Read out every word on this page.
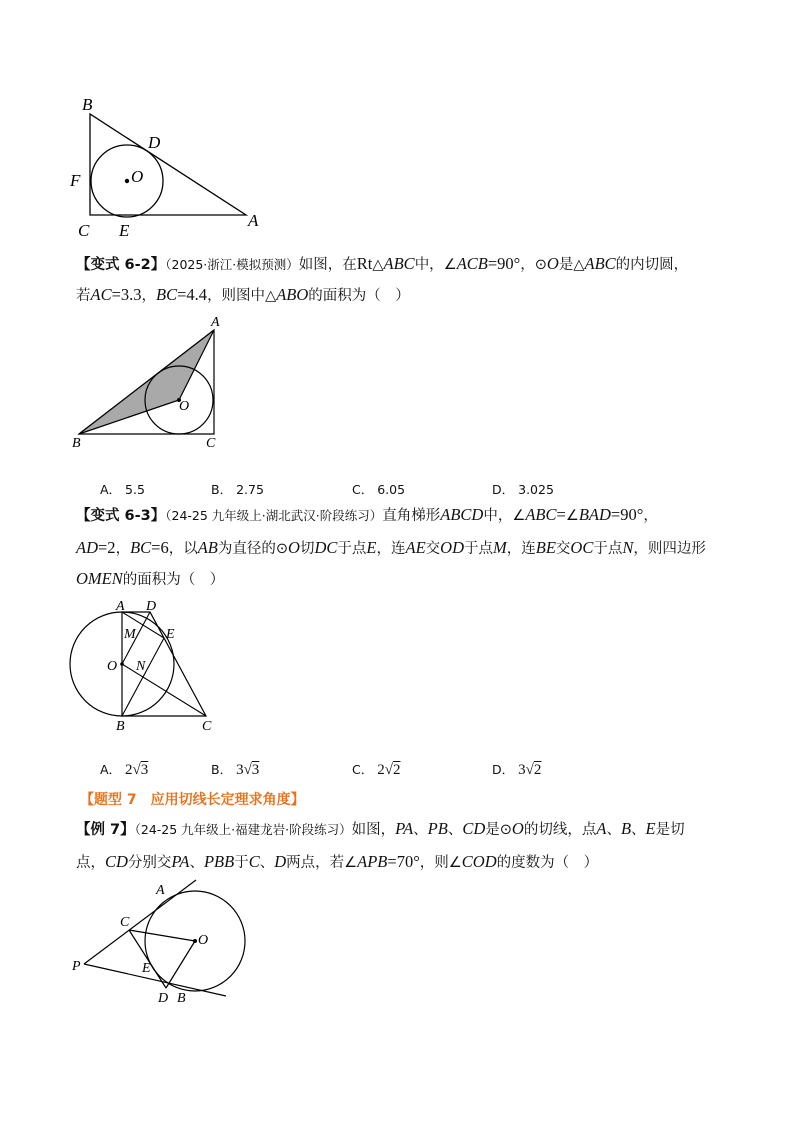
B
D
F	O
C E
A
【变式 6-2】（2025·浙江·模拟预测）如图，在Rt△ABC中，∠ACB=90°，⊙O是△ABC的内切圆，
若AC=3.3，BC=4.4，则图中△ABO的面积为（　）
A
O
B	C
A． 5.5	B． 2.75	C． 6.05	D． 3.025
【变式 6-3】（24-25 九年级上·湖北武汉·阶段练习）直角梯形ABCD中，∠ABC=∠BAD=90°，
AD=2，BC=6，以AB为直径的⊙O切DC于点E，连AE交OD于点M，连BE交OC于点N，则四边形
OMEN的面积为（　）
A D
M E
O N
B	C
A． 2√3	B． 3√3	C． 2√2	D． 3√2
【题型 7　应用切线长定理求角度】
【例 7】（24-25 九年级上·福建龙岩·阶段练习）如图，PA、PB、CD是⊙O的切线，点A、B、E是切
点，CD分别交PA、PBB于C、D两点，若∠APB=70°，则∠COD的度数为（　）
A
C
O
P	E
D B
